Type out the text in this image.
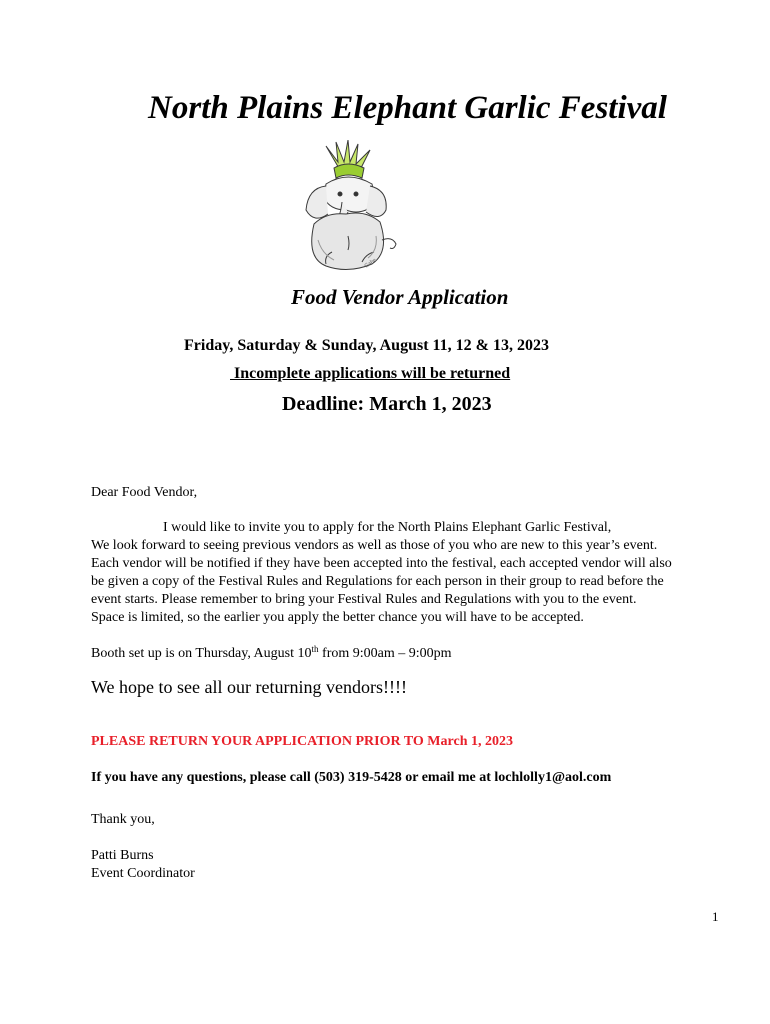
North Plains Elephant Garlic Festival
Gabe
Food Vendor Application
Friday, Saturday & Sunday, August 11, 12 & 13, 2023
Incomplete applications will be returned
Deadline: March 1, 2023
Dear Food Vendor,
I would like to invite you to apply for the North Plains Elephant Garlic Festival,
We look forward to seeing previous vendors as well as those of you who are new to this year’s event.
Each vendor will be notified if they have been accepted into the festival, each accepted vendor will also
be given a copy of the Festival Rules and Regulations for each person in their group to read before the
event starts. Please remember to bring your Festival Rules and Regulations with you to the event.
Space is limited, so the earlier you apply the better chance you will have to be accepted.
Booth set up is on Thursday, August 10th from 9:00am – 9:00pm
We hope to see all our returning vendors!!!!
PLEASE RETURN YOUR APPLICATION PRIOR TO March 1, 2023
If you have any questions, please call (503) 319-5428 or email me at lochlolly1@aol.com
Thank you,
Patti Burns
Event Coordinator
1
